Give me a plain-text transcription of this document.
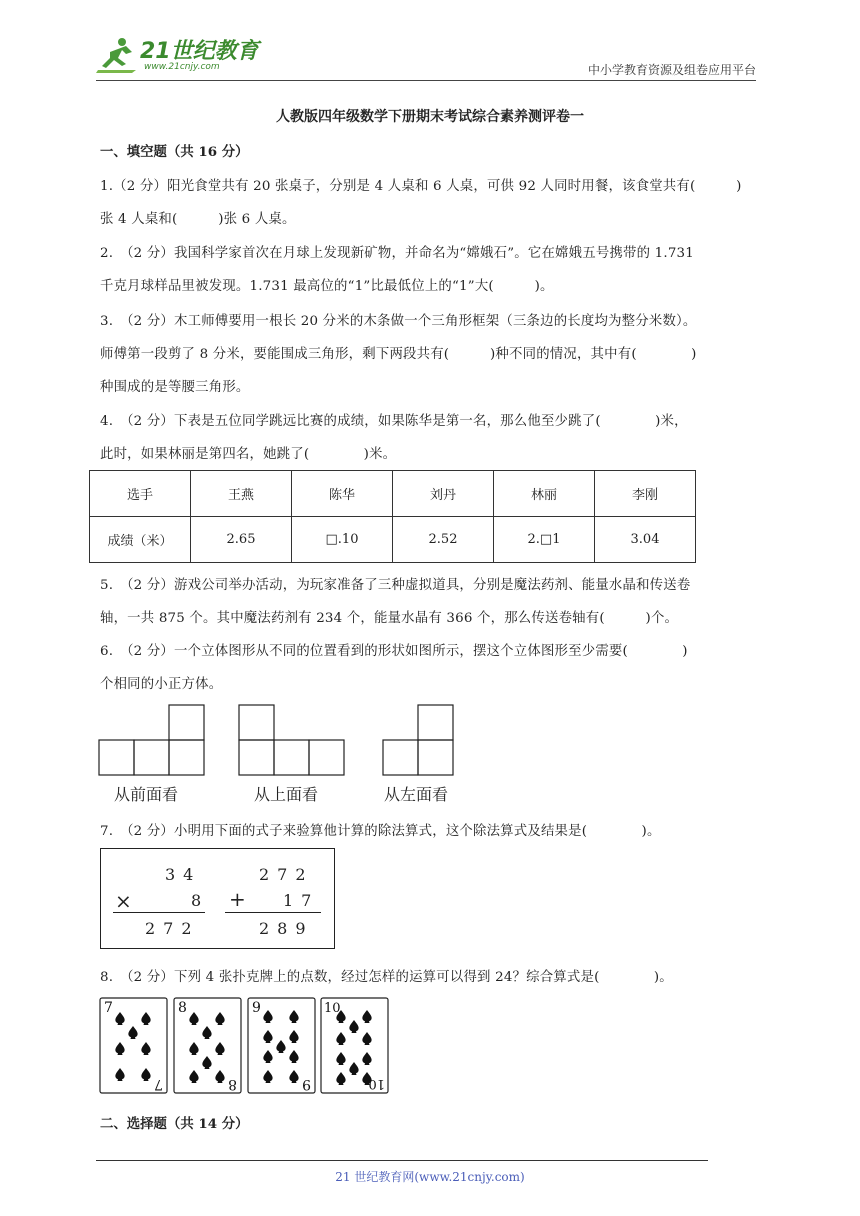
21世纪教育
www.21cnjy.com	中小学教育资源及组卷应用平台
人教版四年级数学下册期末考试综合素养测评卷一
一、填空题（共 16 分）
1.（2 分）阳光食堂共有 20 张桌子，分别是 4 人桌和 6 人桌，可供 92 人同时用餐，该食堂共有(　　　)
张 4 人桌和(　　　)张 6 人桌。
2.　（2 分）我国科学家首次在月球上发现新矿物，并命名为“嫦娥石”。它在嫦娥五号携带的 1.731
千克月球样品里被发现。1.731 最高位的“1”比最低位上的“1”大(　　　)。
3.　（2 分）木工师傅要用一根长 20 分米的木条做一个三角形框架（三条边的长度均为整分米数）。
师傅第一段剪了 8 分米，要能围成三角形，剩下两段共有(　　　)种不同的情况，其中有(　　　　)
种围成的是等腰三角形。
4.　（2 分）下表是五位同学跳远比赛的成绩，如果陈华是第一名，那么他至少跳了(　　　　)米，
此时，如果林丽是第四名，她跳了(　　　　)米。
选手	王燕	陈华	刘丹	林丽	李刚
成绩（米）	2.65	□.10	2.52	2.□1	3.04
5.　（2 分）游戏公司举办活动，为玩家准备了三种虚拟道具，分别是魔法药剂、能量水晶和传送卷
轴，一共 875 个。其中魔法药剂有 234 个，能量水晶有 366 个，那么传送卷轴有(　　　)个。
6.　（2 分）一个立体图形从不同的位置看到的形状如图所示，摆这个立体图形至少需要(　　　　)
个相同的小正方体。
从前面看	从上面看	从左面看
7.　（2 分）小明用下面的式子来验算他计算的除法算式，这个除法算式及结果是(　　　　)。
34
×	8
272
272
+ 17
289
8.　（2 分）下列 4 张扑克牌上的点数，经过怎样的运算可以得到 24？综合算式是(　　　　)。
7	8	9	10
7	8	9	10
二、选择题（共 14 分）
21 世纪教育网(www.21cnjy.com)
